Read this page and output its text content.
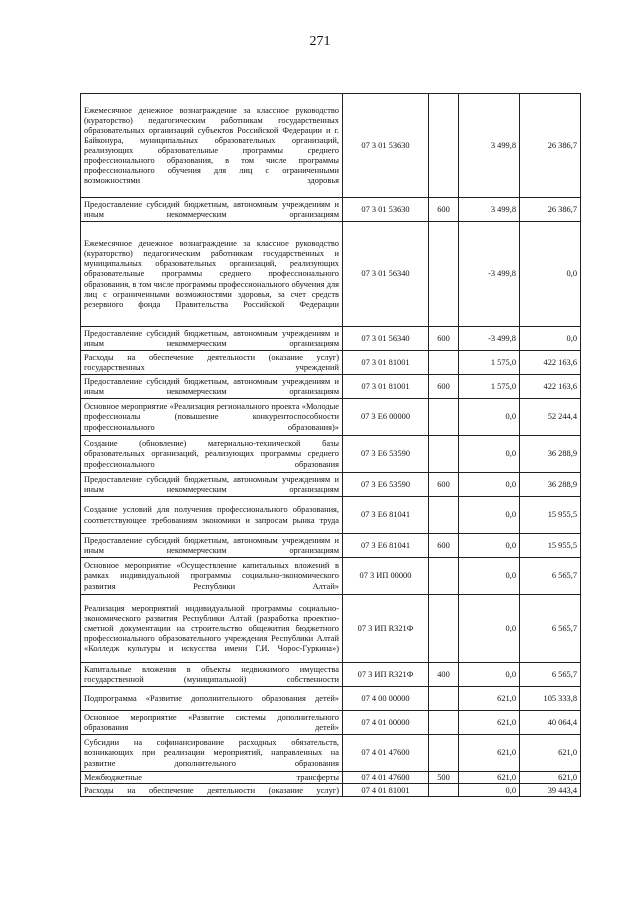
271
Ежемесячное денежное вознаграждение за классное руководство (кураторство) педагогическим работникам государственных образовательных организаций субъектов Российской Федерации и г. Байконура, муниципальных образовательных организаций, реализующих образовательные программы среднего профессионального образования, в том числе программы профессионального обучения для лиц с ограниченными возможностями здоровья	07 3 01 53630		3 499,8	26 386,7
Предоставление субсидий бюджетным, автономным учреждениям и иным некоммерческим организациям	07 3 01 53630	600	3 499,8	26 386,7
Ежемесячное денежное вознаграждение за классное руководство (кураторство) педагогическим работникам государственных и муниципальных образовательных организаций, реализующих образовательные программы среднего профессионального образования, в том числе программы профессионального обучения для лиц с ограниченными возможностями здоровья, за счет средств резервного фонда Правительства Российской Федерации	07 3 01 56340		-3 499,8	0,0
Предоставление субсидий бюджетным, автономным учреждениям и иным некоммерческим организациям	07 3 01 56340	600	-3 499,8	0,0
Расходы на обеспечение деятельности (оказание услуг) государственных учреждений	07 3 01 81001		1 575,0	422 163,6
Предоставление субсидий бюджетным, автономным учреждениям и иным некоммерческим организациям	07 3 01 81001	600	1 575,0	422 163,6
Основное мероприятие «Реализация регионального проекта «Молодые профессионалы (повышение конкурентоспособности профессионального образования)»	07 3 Е6 00000		0,0	52 244,4
Создание (обновление) материально-технической базы образовательных организаций, реализующих программы среднего профессионального образования	07 3 Е6 53590		0,0	36 288,9
Предоставление субсидий бюджетным, автономным учреждениям и иным некоммерческим организациям	07 3 Е6 53590	600	0,0	36 288,9
Создание условий для получения профессионального образования, соответствующее требованиям экономики и запросам рынка труда	07 3 Е6 81041		0,0	15 955,5
Предоставление субсидий бюджетным, автономным учреждениям и иным некоммерческим организациям	07 3 Е6 81041	600	0,0	15 955,5
Основное мероприятие «Осуществление капитальных вложений в рамках индивидуальной программы социально-экономического развития Республики Алтай»	07 3 ИП 00000		0,0	6 565,7
Реализация мероприятий индивидуальной программы социально-экономического развития Республики Алтай (разработка проектно-сметной документации на строительство общежития бюджетного профессионального образовательного учреждения Республики Алтай «Колледж культуры и искусства имени Г.И. Чорос-Гуркина»)	07 3 ИП R321Ф		0,0	6 565,7
Капитальные вложения в объекты недвижимого имущества государственной (муниципальной) собственности	07 3 ИП R321Ф	400	0,0	6 565,7
Подпрограмма «Развитие дополнительного образования детей»	07 4 00 00000		621,0	105 333,8
Основное мероприятие «Развитие системы дополнительного образования детей»	07 4 01 00000		621,0	40 064,4
Субсидии на софинансирование расходных обязательств, возникающих при реализации мероприятий, направленных на развитие дополнительного образования	07 4 01 47600		621,0	621,0
Межбюджетные трансферты	07 4 01 47600	500	621,0	621,0
Расходы на обеспечение деятельности (оказание услуг)	07 4 01 81001		0,0	39 443,4
